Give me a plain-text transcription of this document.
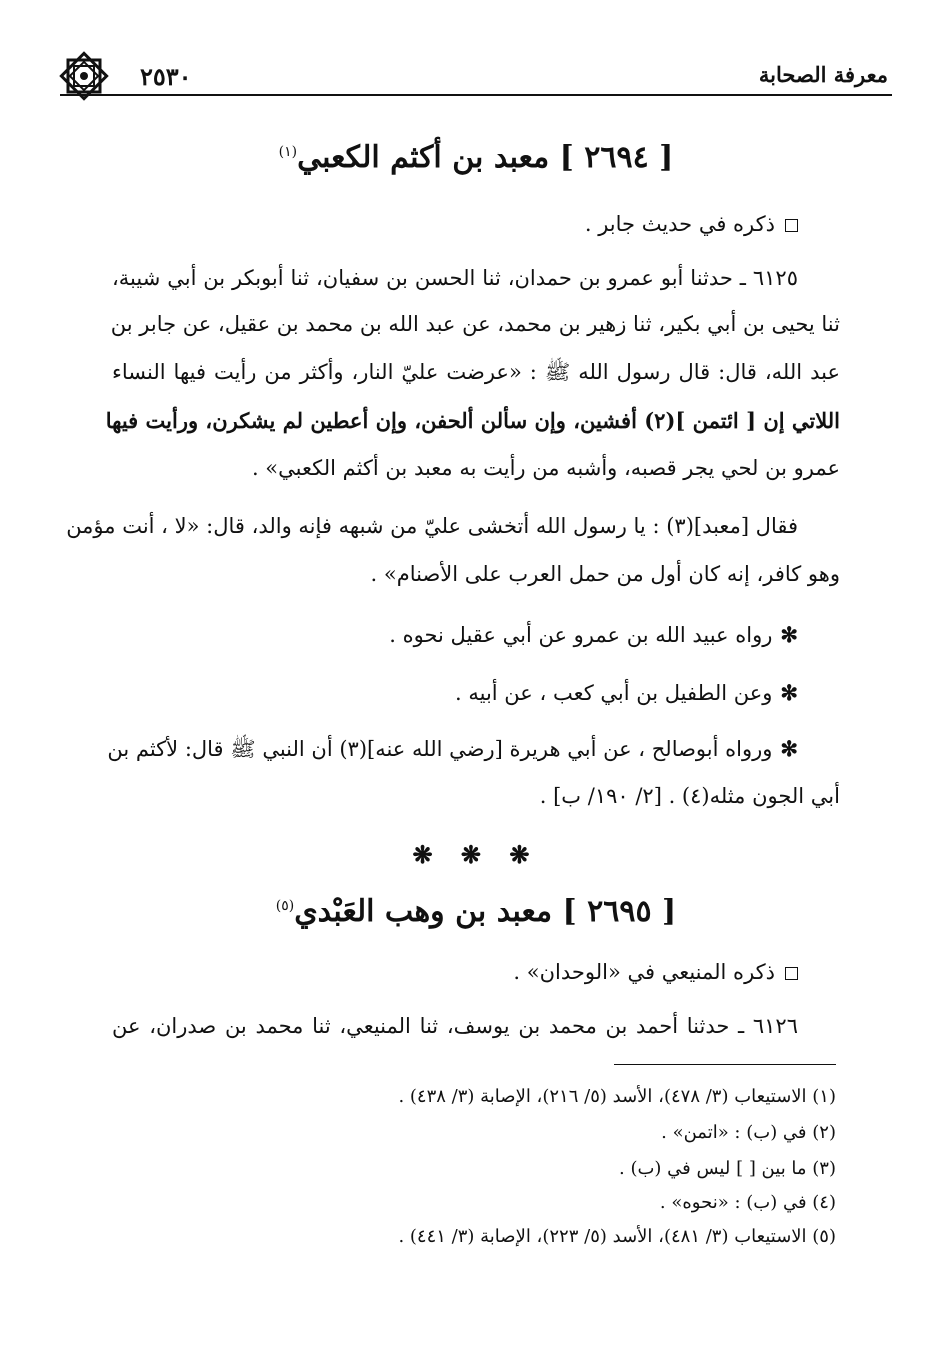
معرفة الصحابة
٢٥٣٠
[ ٢٦٩٤ ] معبد بن أكثم الكعبي$^{(١)}$
ذكره في حديث جابر .
٦١٢٥ ـ حدثنا أبو عمرو بن حمدان، ثنا الحسن بن سفيان، ثنا أبوبكر بن أبي شيبة،
ثنا يحيى بن أبي بكير، ثنا زهير بن محمد، عن عبد الله بن محمد بن عقيل، عن جابر بن
عبد الله، قال: قال رسول الله ﷺ : «عرضت عليّ النار، وأكثر من رأيت فيها النساء
اللاتي إن [ ائتمن ](٢) أفشين، وإن سألن ألحفن، وإن أعطين لم يشكرن، ورأيت فيها
عمرو بن لحي يجر قصبه، وأشبه من رأيت به معبد بن أكثم الكعبي» .
فقال [معبد](٣) : يا رسول الله أتخشى عليّ من شبهه فإنه والد، قال: «لا ، أنت مؤمن
وهو كافر، إنه كان أول من حمل العرب على الأصنام» .
✻رواه عبيد الله بن عمرو عن أبي عقيل نحوه .
✻وعن الطفيل بن أبي كعب ، عن أبيه .
✻ورواه أبوصالح ، عن أبي هريرة [رضي الله عنه](٣) أن النبي ﷺ قال: لأكثم بن
أبي الجون مثله(٤) . [٢/ ١٩٠/ ب] .
❋ ❋ ❋
[ ٢٦٩٥ ] معبد بن وهب العَبْدي$^{(٥)}$
ذكره المنيعي في «الوحدان» .
٦١٢٦ ـ حدثنا أحمد بن محمد بن يوسف، ثنا المنيعي، ثنا محمد بن صدران، عن
(١) الاستيعاب (٣/ ٤٧٨)، الأسد (٥/ ٢١٦)، الإصابة (٣/ ٤٣٨) .
(٢) في (ب) : «اتمن» .
(٣) ما بين [ ] ليس في (ب) .
(٤) في (ب) : «نحوه» .
(٥) الاستيعاب (٣/ ٤٨١)، الأسد (٥/ ٢٢٣)، الإصابة (٣/ ٤٤١) .
